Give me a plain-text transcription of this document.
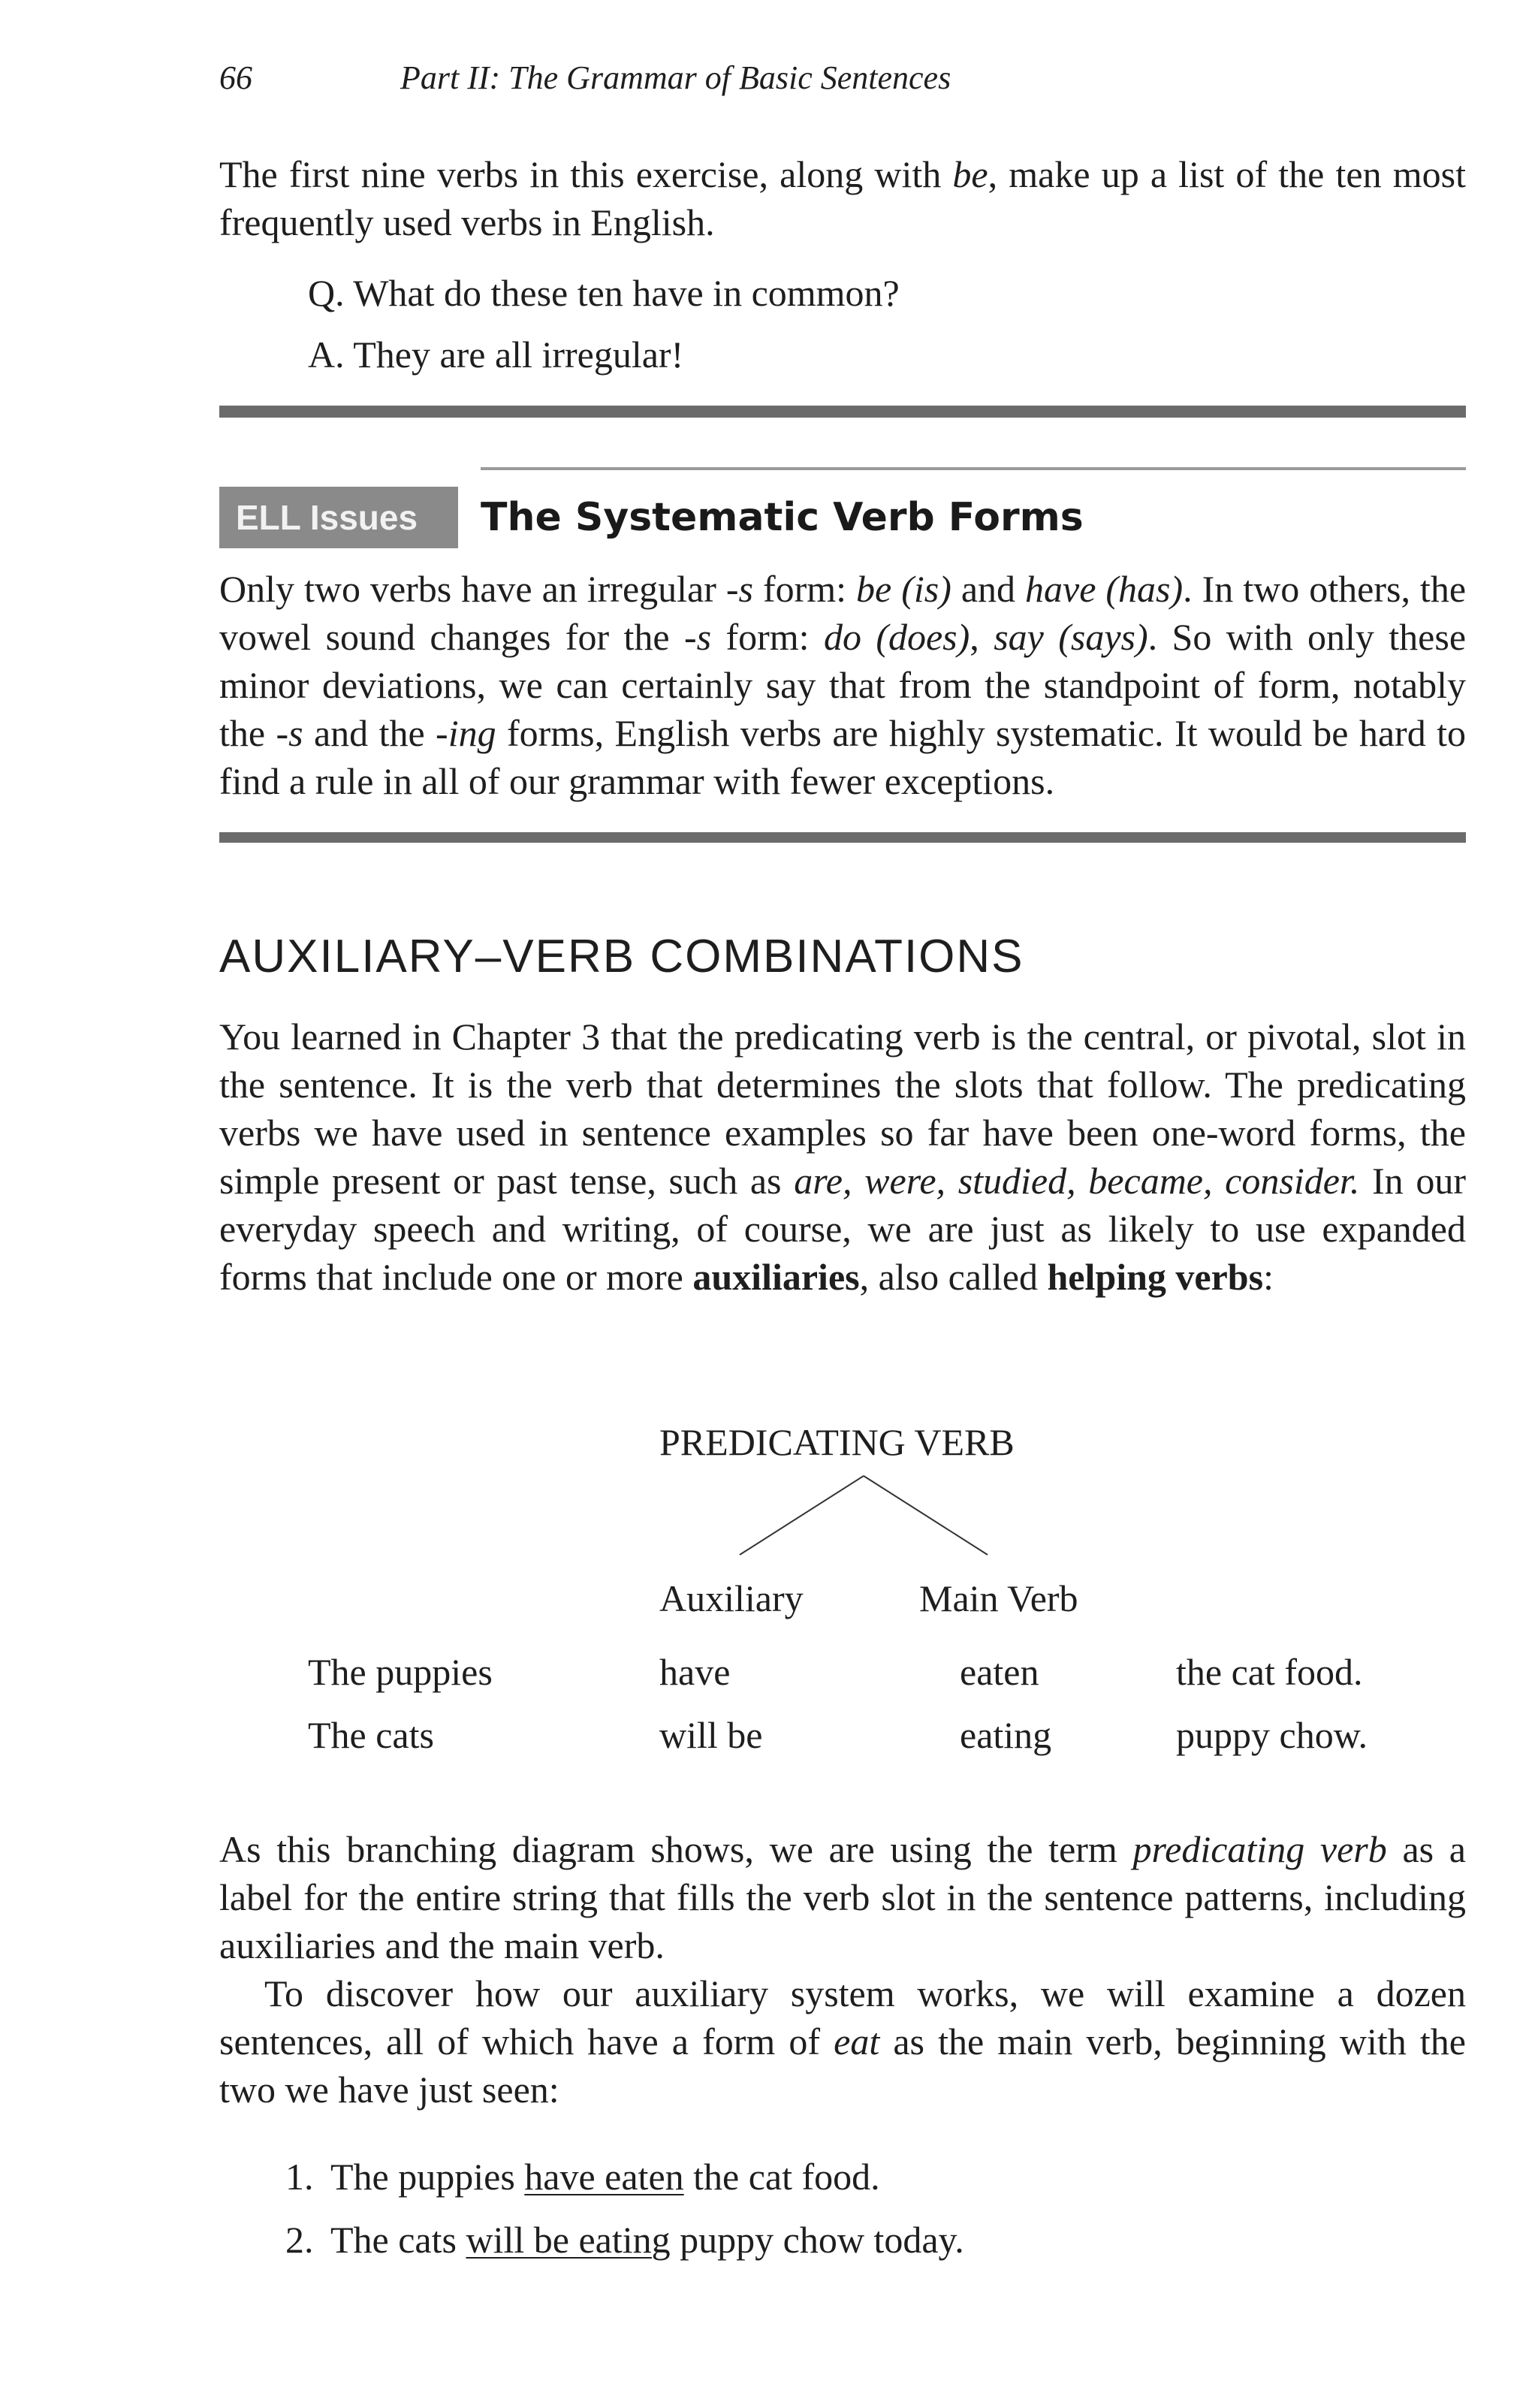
66	Part II: The Grammar of Basic Sentences

The first nine verbs in this exercise, along with be, make up a list of the ten most frequently used verbs in English.

Q. What do these ten have in common?
A. They are all irregular!
ELL Issues	The Systematic Verb Forms

Only two verbs have an irregular -s form: be (is) and have (has). In two others, the vowel sound changes for the -s form: do (does), say (says). So with only these minor deviations, we can certainly say that from the standpoint of form, notably the -s and the -ing forms, English verbs are highly systematic. It would be hard to find a rule in all of our grammar with fewer exceptions.

AUXILIARY–VERB COMBINATIONS

You learned in Chapter 3 that the predicating verb is the central, or pivotal, slot in the sentence. It is the verb that determines the slots that follow. The predicating verbs we have used in sentence examples so far have been one-word forms, the simple present or past tense, such as are, were, studied, became, consider. In our everyday speech and writing, of course, we are just as likely to use expanded forms that include one or more auxiliaries, also called helping verbs:

PREDICATING VERB
Auxiliary	Main Verb
The puppies	have	eaten	the cat food.
The cats	will be	eating	puppy chow.

As this branching diagram shows, we are using the term predicating verb as a label for the entire string that fills the verb slot in the sentence patterns, including auxiliaries and the main verb.

To discover how our auxiliary system works, we will examine a dozen sentences, all of which have a form of eat as the main verb, beginning with the two we have just seen:

1. The puppies have eaten the cat food.
2. The cats will be eating puppy chow today.
